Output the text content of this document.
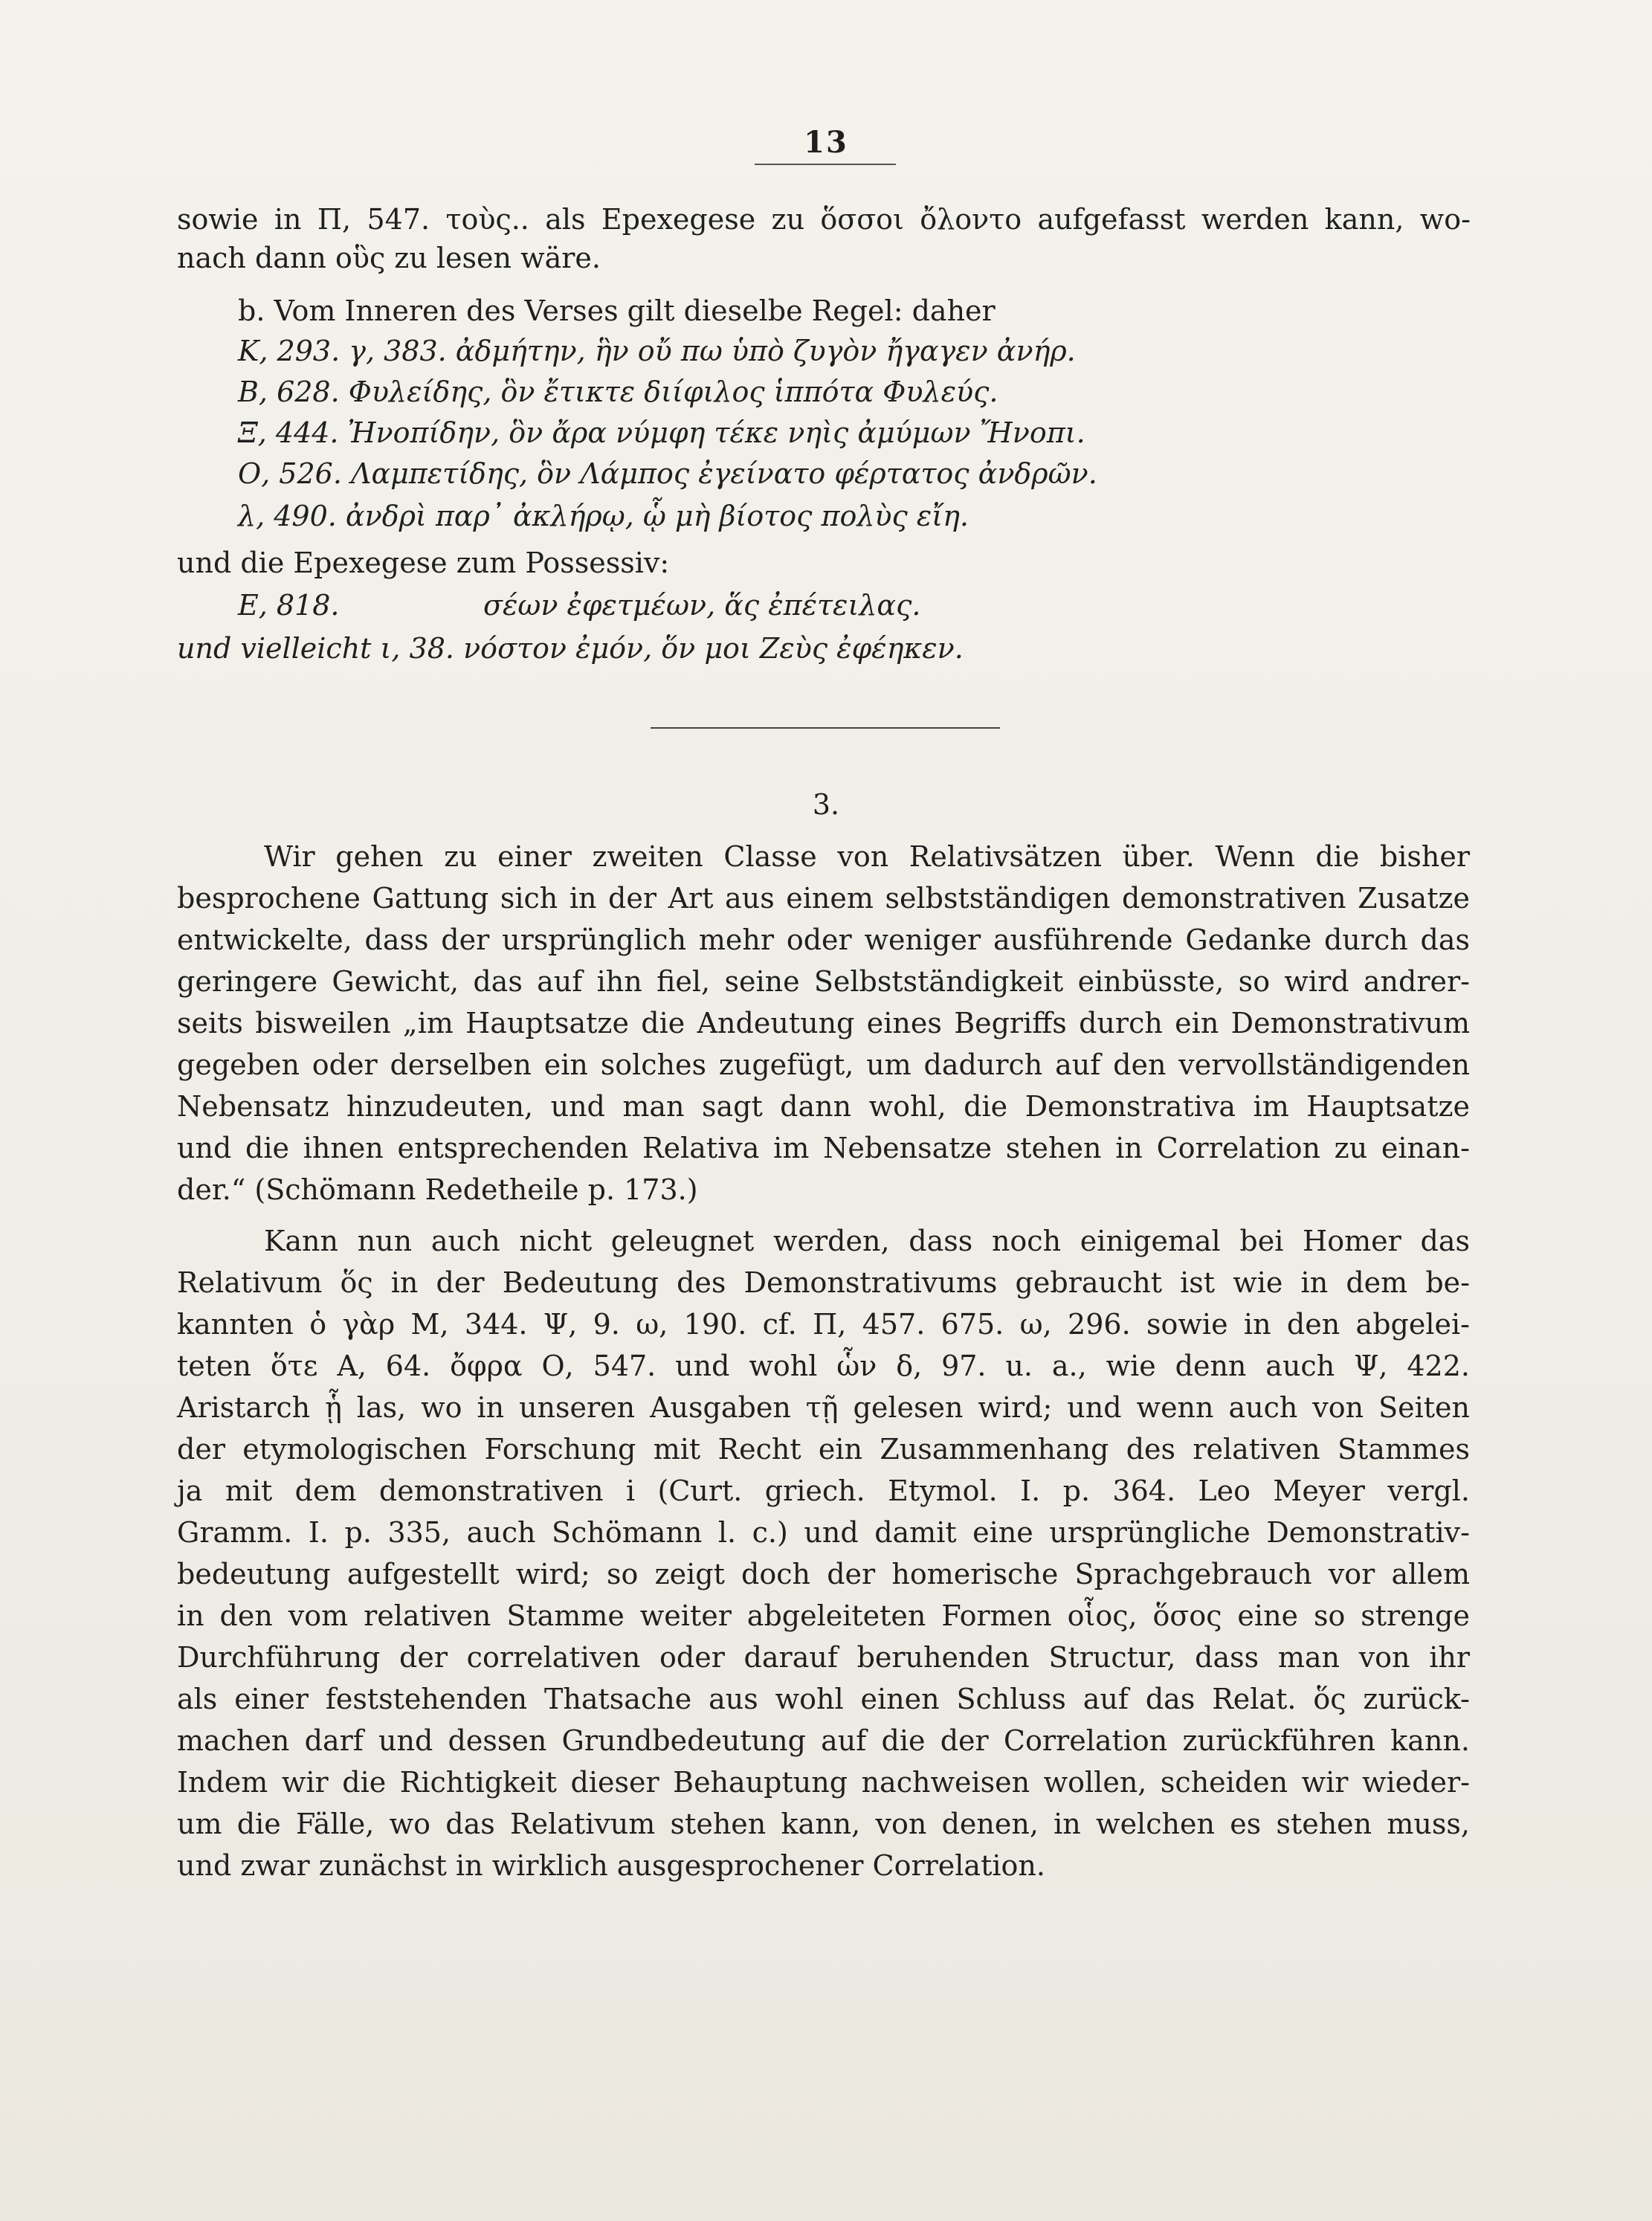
13
sowie in Π, 547. τοὺς.. als Epexegese zu ὅσσοι ὄλοντο aufgefasst werden kann, wo-
nach dann οὓς zu lesen wäre.
b. Vom Inneren des Verses gilt dieselbe Regel: daher
Κ, 293. γ, 383. ἀδμήτην, ἣν οὔ πω ὑπὸ ζυγὸν ἤγαγεν ἀνήρ.
Β, 628. Φυλείδης, ὃν ἔτικτε διίφιλος ἱππότα Φυλεύς.
Ξ, 444. Ἠνοπίδην, ὃν ἄρα νύμφη τέκε νηὶς ἀμύμων Ἤνοπι.
Ο, 526. Λαμπετίδης, ὃν Λάμπος ἐγείνατο φέρτατος ἀνδρῶν.
λ, 490. ἀνδρὶ παρ᾽ ἀκλήρῳ, ᾧ μὴ βίοτος πολὺς εἴη.
und die Epexegese zum Possessiv:
Ε, 818.	σέων ἐφετμέων, ἅς ἐπέτειλας.
und vielleicht ι, 38. νόστον ἐμόν, ὅν μοι Ζεὺς ἐφέηκεν.
3.
Wir gehen zu einer zweiten Classe von Relativsätzen über. Wenn die bisher
besprochene Gattung sich in der Art aus einem selbstständigen demonstrativen Zusatze
entwickelte, dass der ursprünglich mehr oder weniger ausführende Gedanke durch das
geringere Gewicht, das auf ihn fiel, seine Selbstständigkeit einbüsste, so wird andrer-
seits bisweilen „im Hauptsatze die Andeutung eines Begriffs durch ein Demonstrativum
gegeben oder derselben ein solches zugefügt, um dadurch auf den vervollständigenden
Nebensatz hinzudeuten, und man sagt dann wohl, die Demonstrativa im Hauptsatze
und die ihnen entsprechenden Relativa im Nebensatze stehen in Correlation zu einan-
der.“ (Schömann Redetheile p. 173.)
Kann nun auch nicht geleugnet werden, dass noch einigemal bei Homer das
Relativum ὅς in der Bedeutung des Demonstrativums gebraucht ist wie in dem be-
kannten ὁ γὰρ Μ, 344. Ψ, 9. ω, 190. cf. Π, 457. 675. ω, 296. sowie in den abgelei-
teten ὅτε Α, 64. ὄφρα Ο, 547. und wohl ὧν δ, 97. u. a., wie denn auch Ψ, 422.
Aristarch ᾗ las, wo in unseren Ausgaben τῇ gelesen wird; und wenn auch von Seiten
der etymologischen Forschung mit Recht ein Zusammenhang des relativen Stammes
ja mit dem demonstrativen i (Curt. griech. Etymol. I. p. 364. Leo Meyer vergl.
Gramm. I. p. 335, auch Schömann l. c.) und damit eine ursprüngliche Demonstrativ-
bedeutung aufgestellt wird; so zeigt doch der homerische Sprachgebrauch vor allem
in den vom relativen Stamme weiter abgeleiteten Formen οἷος, ὅσος eine so strenge
Durchführung der correlativen oder darauf beruhenden Structur, dass man von ihr
als einer feststehenden Thatsache aus wohl einen Schluss auf das Relat. ὅς zurück-
machen darf und dessen Grundbedeutung auf die der Correlation zurückführen kann.
Indem wir die Richtigkeit dieser Behauptung nachweisen wollen, scheiden wir wieder-
um die Fälle, wo das Relativum stehen kann, von denen, in welchen es stehen muss,
und zwar zunächst in wirklich ausgesprochener Correlation.
